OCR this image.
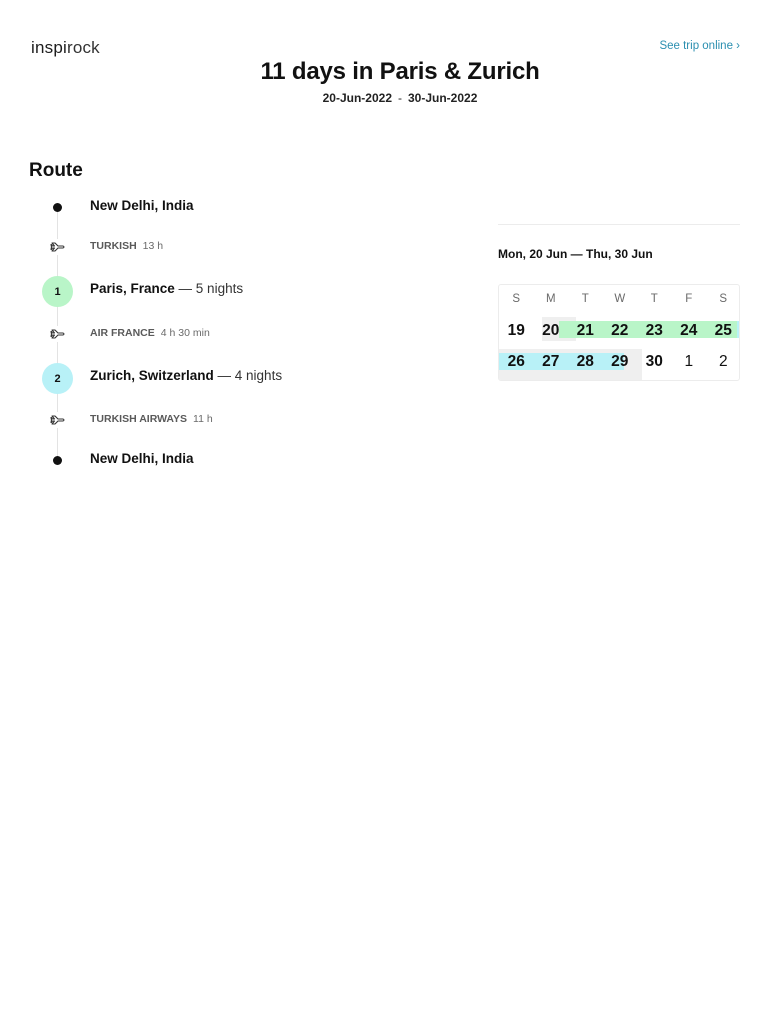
inspirock	See trip online ›
11 days in Paris & Zurich
20-Jun-2022 - 30-Jun-2022
Route
New Delhi, India
TURKISH 13 h
1	Paris, France — 5 nights
AIR FRANCE 4 h 30 min
2	Zurich, Switzerland — 4 nights
TURKISH AIRWAYS 11 h
New Delhi, India
Mon, 20 Jun — Thu, 30 Jun
S	M	T	W	T	F	S
19	20	21	22	23	24	25
26	27	28	29	30	1	2
